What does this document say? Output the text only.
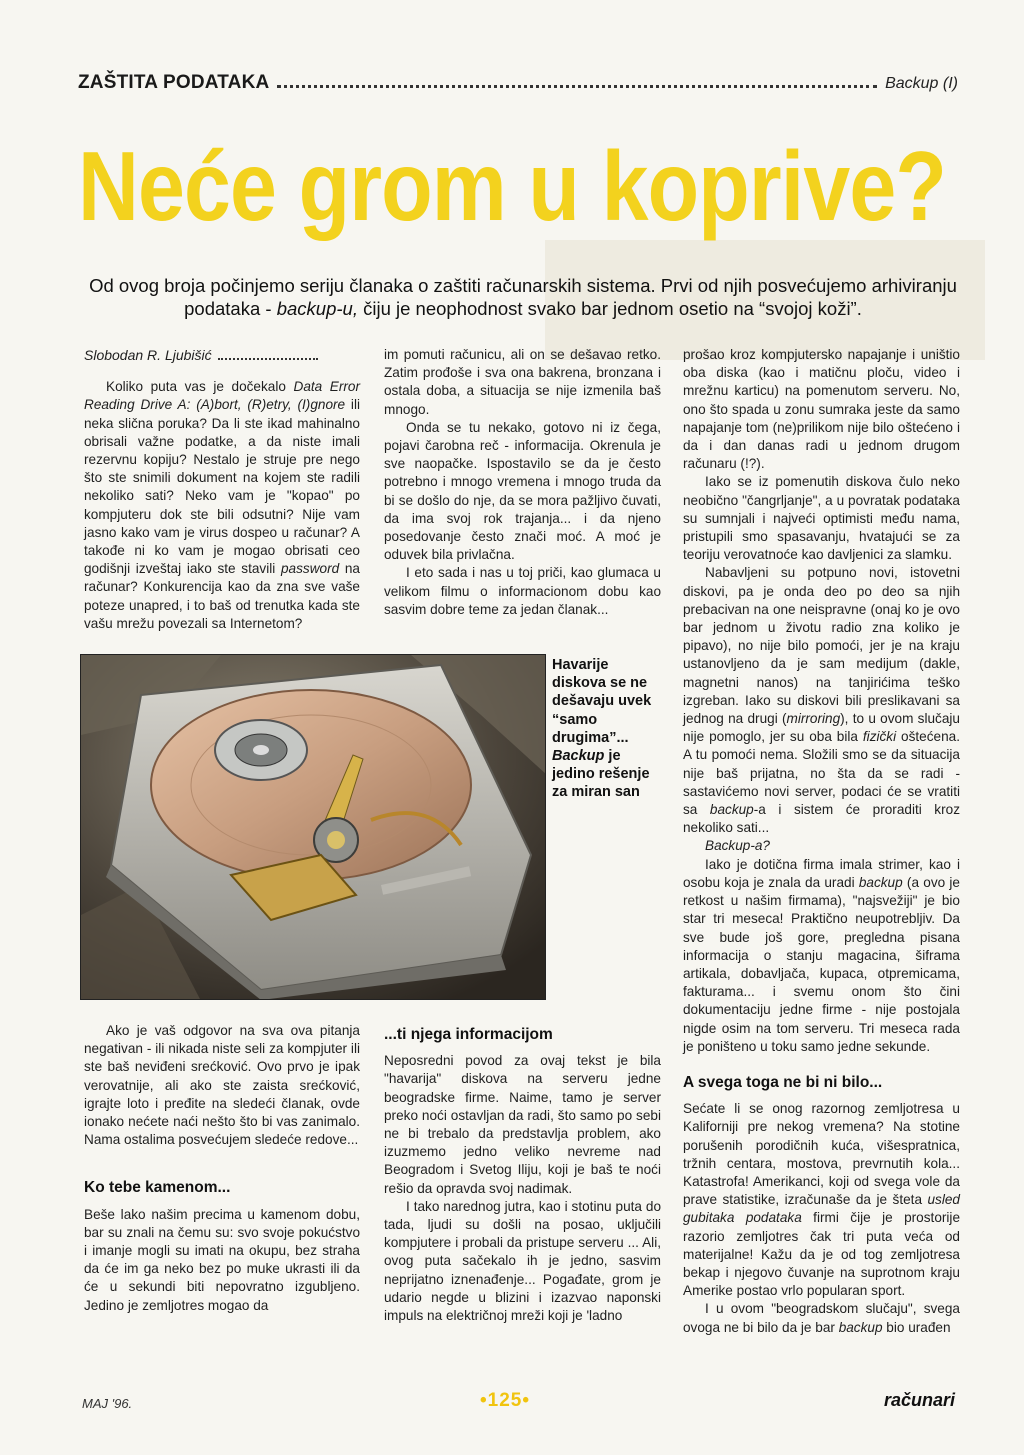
ZAŠTITA PODATAKA	Backup (I)
Neće grom u koprive?

Od ovog broja počinjemo seriju članaka o zaštiti računarskih sistema. Prvi od njih posvećujemo arhiviranju podataka - backup-u, čiju je neophodnost svako bar jednom osetio na “svojoj koži”.

Slobodan R. Ljubišić

Koliko puta vas je dočekalo Data Error Reading Drive A: (A)bort, (R)etry, (I)gnore ili neka slična poruka? Da li ste ikad mahinalno obrisali važne podatke, a da niste imali rezervnu kopiju? Nestalo je struje pre nego što ste snimili dokument na kojem ste radili nekoliko sati? Neko vam je "kopao" po kompjuteru dok ste bili odsutni? Nije vam jasno kako vam je virus dospeo u računar? A takođe ni ko vam je mogao obrisati ceo godišnji izveštaj iako ste stavili password na računar? Konkurencija kao da zna sve vaše poteze unapred, i to baš od trenutka kada ste vašu mrežu povezali sa Internetom?

im pomuti računicu, ali on se dešavao retko. Zatim prođoše i sva ona bakrena, bronzana i ostala doba, a situacija se nije izmenila baš mnogo.

Onda se tu nekako, gotovo ni iz čega, pojavi čarobna reč - informacija. Okrenula je sve naopačke. Ispostavilo se da je često potrebno i mnogo vremena i mnogo truda da bi se došlo do nje, da se mora pažljivo čuvati, da ima svoj rok trajanja... i da njeno posedovanje često znači moć. A moć je oduvek bila privlačna.

I eto sada i nas u toj priči, kao glumaca u velikom filmu o informacionom dobu kao sasvim dobre teme za jedan članak...

prošao kroz kompjutersko napajanje i uništio oba diska (kao i matičnu ploču, video i mrežnu karticu) na pomenutom serveru. No, ono što spada u zonu sumraka jeste da samo napajanje tom (ne)prilikom nije bilo oštećeno i da i dan danas radi u jednom drugom računaru (!?).

Iako se iz pomenutih diskova čulo neko neobično "čangrljanje", a u povratak podataka su sumnjali i najveći optimisti među nama, pristupili smo spasavanju, hvatajući se za teoriju verovatnoće kao davljenici za slamku.

Nabavljeni su potpuno novi, istovetni diskovi, pa je onda deo po deo sa njih prebacivan na one neispravne (onaj ko je ovo bar jednom u životu radio zna koliko je pipavo), no nije bilo pomoći, jer je na kraju ustanovljeno da je sam medijum (dakle, magnetni nanos) na tanjirićima teško izgreban. Iako su diskovi bili preslikavani sa jednog na drugi (mirroring), to u ovom slučaju nije pomoglo, jer su oba bila fizički oštećena. A tu pomoći nema. Složili smo se da situacija nije baš prijatna, no šta da se radi - sastavićemo novi server, podaci će se vratiti sa backup-a i sistem će proraditi kroz nekoliko sati...

Backup-a?

Iako je dotična firma imala strimer, kao i osobu koja je znala da uradi backup (a ovo je retkost u našim firmama), "najsvežiji" je bio star tri meseca! Praktično neupotrebljiv. Da sve bude još gore, pregledna pisana informacija o stanju magacina, šiframa artikala, dobavljača, kupaca, otpremicama, fakturama... i svemu onom što čini dokumentaciju jedne firme - nije postojala nigde osim na tom serveru. Tri meseca rada je poništeno u toku samo jedne sekunde.

A svega toga ne bi ni bilo...

Sećate li se onog razornog zemljotresa u Kaliforniji pre nekog vremena? Na stotine porušenih porodičnih kuća, višespratnica, tržnih centara, mostova, prevrnutih kola... Katastrofa! Amerikanci, koji od svega vole da prave statistike, izračunaše da je šteta usled gubitaka podataka firmi čije je prostorije razorio zemljotres čak tri puta veća od materijalne! Kažu da je od tog zemljotresa bekap i njegovo čuvanje na suprotnom kraju Amerike postao vrlo popularan sport.

I u ovom "beogradskom slučaju", svega ovoga ne bi bilo da je bar backup bio urađen

Havarije diskova se ne dešavaju uvek “samo drugima”... Backup je jedino rešenje za miran san

Ako je vaš odgovor na sva ova pitanja negativan - ili nikada niste seli za kompjuter ili ste baš neviđeni srećković. Ovo prvo je ipak verovatnije, ali ako ste zaista srećković, igrajte loto i pređite na sledeći članak, ovde ionako nećete naći nešto što bi vas zanimalo. Nama ostalima posvećujem sledeće redove...

Ko tebe kamenom...

Beše lako našim precima u kamenom dobu, bar su znali na čemu su: svo svoje pokućstvo i imanje mogli su imati na okupu, bez straha da će im ga neko bez po muke ukrasti ili da će u sekundi biti nepovratno izgubljeno. Jedino je zemljotres mogao da

...ti njega informacijom

Neposredni povod za ovaj tekst je bila "havarija" diskova na serveru jedne beogradske firme. Naime, tamo je server preko noći ostavljan da radi, što samo po sebi ne bi trebalo da predstavlja problem, ako izuzmemo jedno veliko nevreme nad Beogradom i Svetog Iliju, koji je baš te noći rešio da opravda svoj nadimak.

I tako narednog jutra, kao i stotinu puta do tada, ljudi su došli na posao, uključili kompjutere i probali da pristupe serveru ... Ali, ovog puta sačekalo ih je jedno, sasvim neprijatno iznenađenje... Pogađate, grom je udario negde u blizini i izazvao naponski impuls na električnoj mreži koji je 'ladno

MAJ '96.	•125•	računari
